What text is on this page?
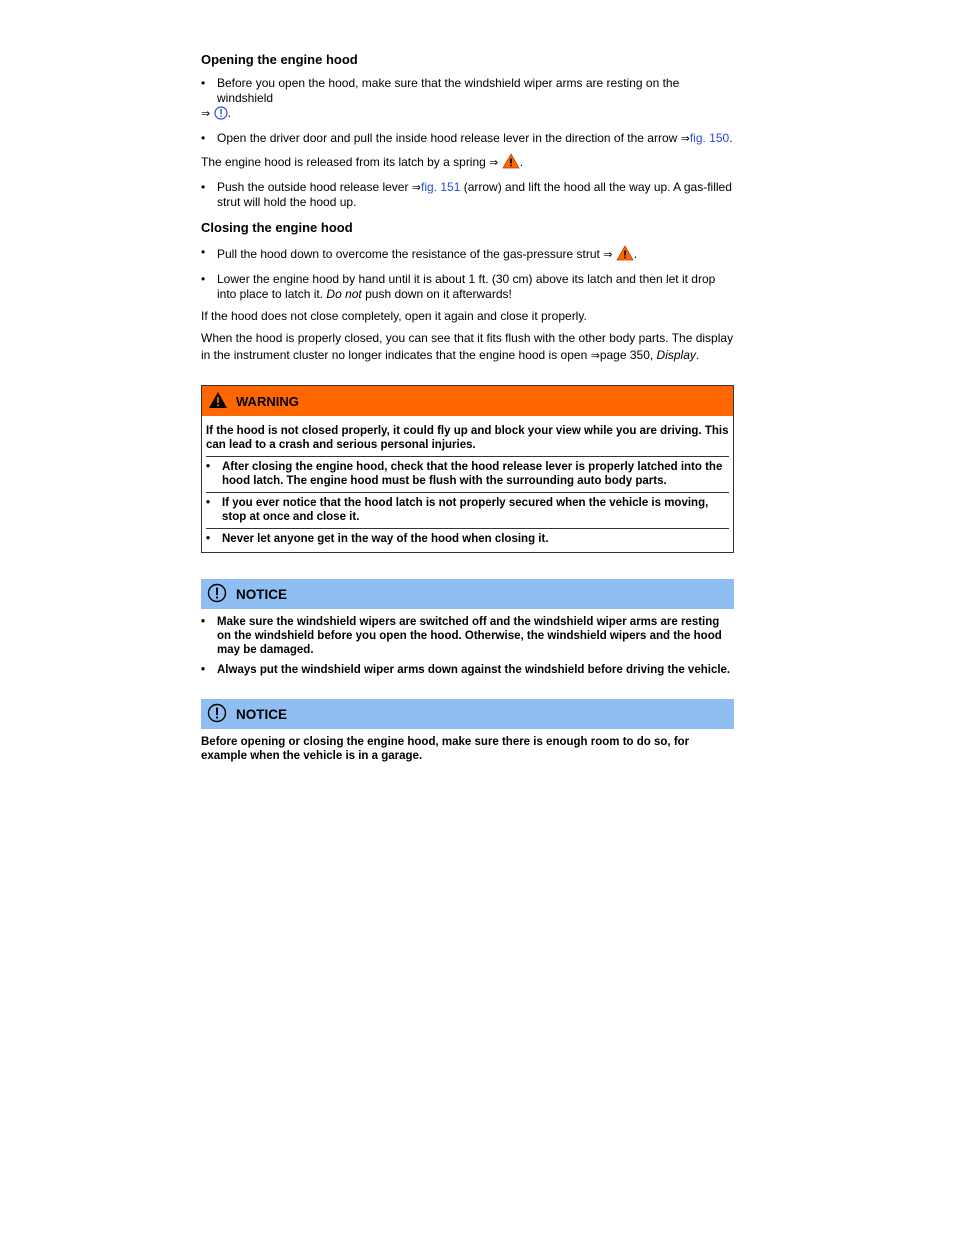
Opening the engine hood
• Before you open the hood, make sure that the windshield wiper arms are resting on the windshield
⇒ .
• Open the driver door and pull the inside hood release lever in the direction of the arrow ⇒fig. 150.
The engine hood is released from its latch by a spring ⇒ .
• Push the outside hood release lever ⇒fig. 151 (arrow) and lift the hood all the way up. A gas-filled strut will hold the hood up.
Closing the engine hood
• Pull the hood down to overcome the resistance of the gas-pressure strut ⇒ .
• Lower the engine hood by hand until it is about 1 ft. (30 cm) above its latch and then let it drop into place to latch it. Do not push down on it afterwards!
If the hood does not close completely, open it again and close it properly.
When the hood is properly closed, you can see that it fits flush with the other body parts. The display
in the instrument cluster no longer indicates that the engine hood is open ⇒page 350, Display.
WARNING
If the hood is not closed properly, it could fly up and block your view while you are driving. This can lead to a crash and serious personal injuries.
•	After closing the engine hood, check that the hood release lever is properly latched into the hood latch. The engine hood must be flush with the surrounding auto body parts.
•	If you ever notice that the hood latch is not properly secured when the vehicle is moving, stop at once and close it.
•	Never let anyone get in the way of the hood when closing it.
NOTICE
•	Make sure the windshield wipers are switched off and the windshield wiper arms are resting on the windshield before you open the hood. Otherwise, the windshield wipers and the hood may be damaged.
•	Always put the windshield wiper arms down against the windshield before driving the vehicle.
NOTICE
Before opening or closing the engine hood, make sure there is enough room to do so, for example when the vehicle is in a garage.
